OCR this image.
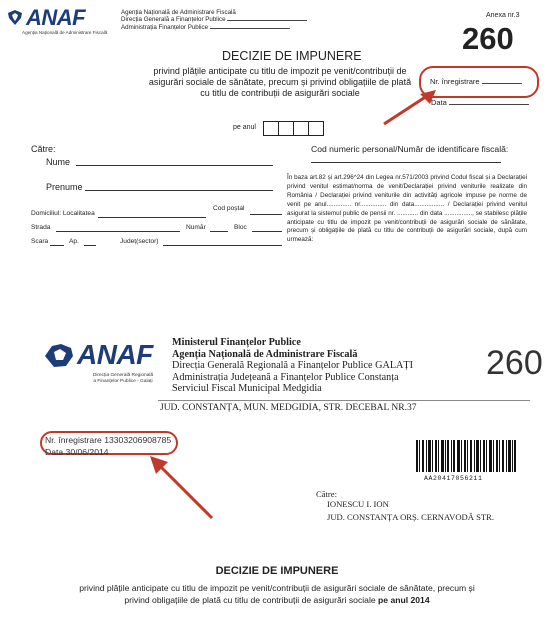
ANAF
Agenția Națională de Administrare Fiscală
Agenția Națională de Administrare Fiscală
Direcția Generală a Finanțelor Publice
Administrația Finanțelor Publice
Anexa nr.3
260
DECIZIE DE IMPUNERE
privind plățile anticipate cu titlu de impozit pe venit/contribuții de
asigurări sociale de sănătate, precum și privind obligațiile de plată
cu titlu de contribuții de asigurări sociale
Nr. înregistrare
Data
pe anul
Către:
Nume
Prenume
Domiciliul: Localitatea
Cod poștal
Strada	Număr	Bloc
Scara	Ap.	Județ(sector)
Cod numeric personal/Număr de identificare fiscală:
În baza art.82 și art.296^24 din Legea nr.571/2003 privind Codul fiscal și a Declarației privind venitul estimat/norma de venit/Declarației privind veniturile realizate din România / Declarației privind veniturile din activități agricole impuse pe norme de venit pe anul.............. nr............... din data................. / Declarației privind venitul asigurat la sistemul public de pensii nr. ............ din data ................, se stabilesc plățile anticipate cu titlu de impozit pe venit/contribuții de asigurări sociale de sănătate, precum și obligațiile de plată cu titlu de contribuții de asigurări sociale, după cum urmează:
ANAF
Direcția Generală Regională
a Finanțelor Publice - Galați
Ministerul Finanțelor Publice
Agenția Națională de Administrare Fiscală
Direcția Generală Regională a Finanțelor Publice GALAȚI
Administrația Județeană a Finanțelor Publice Constanța
Serviciul Fiscal Municipal Medgidia
JUD. CONSTANȚA, MUN. MEDGIDIA, STR. DECEBAL NR.37
260
Nr. înregistrare 13303206908785
Data 30/06/2014
AA20417056211
Către:
IONESCU I. ION
JUD. CONSTANȚA ORȘ. CERNAVODĂ STR.
DECIZIE DE IMPUNERE
privind plățile anticipate cu titlu de impozit pe venit/contribuții de asigurări sociale de sănătate, precum și
privind obligațiile de plată cu titlu de contribuții de asigurări sociale pe anul 2014
